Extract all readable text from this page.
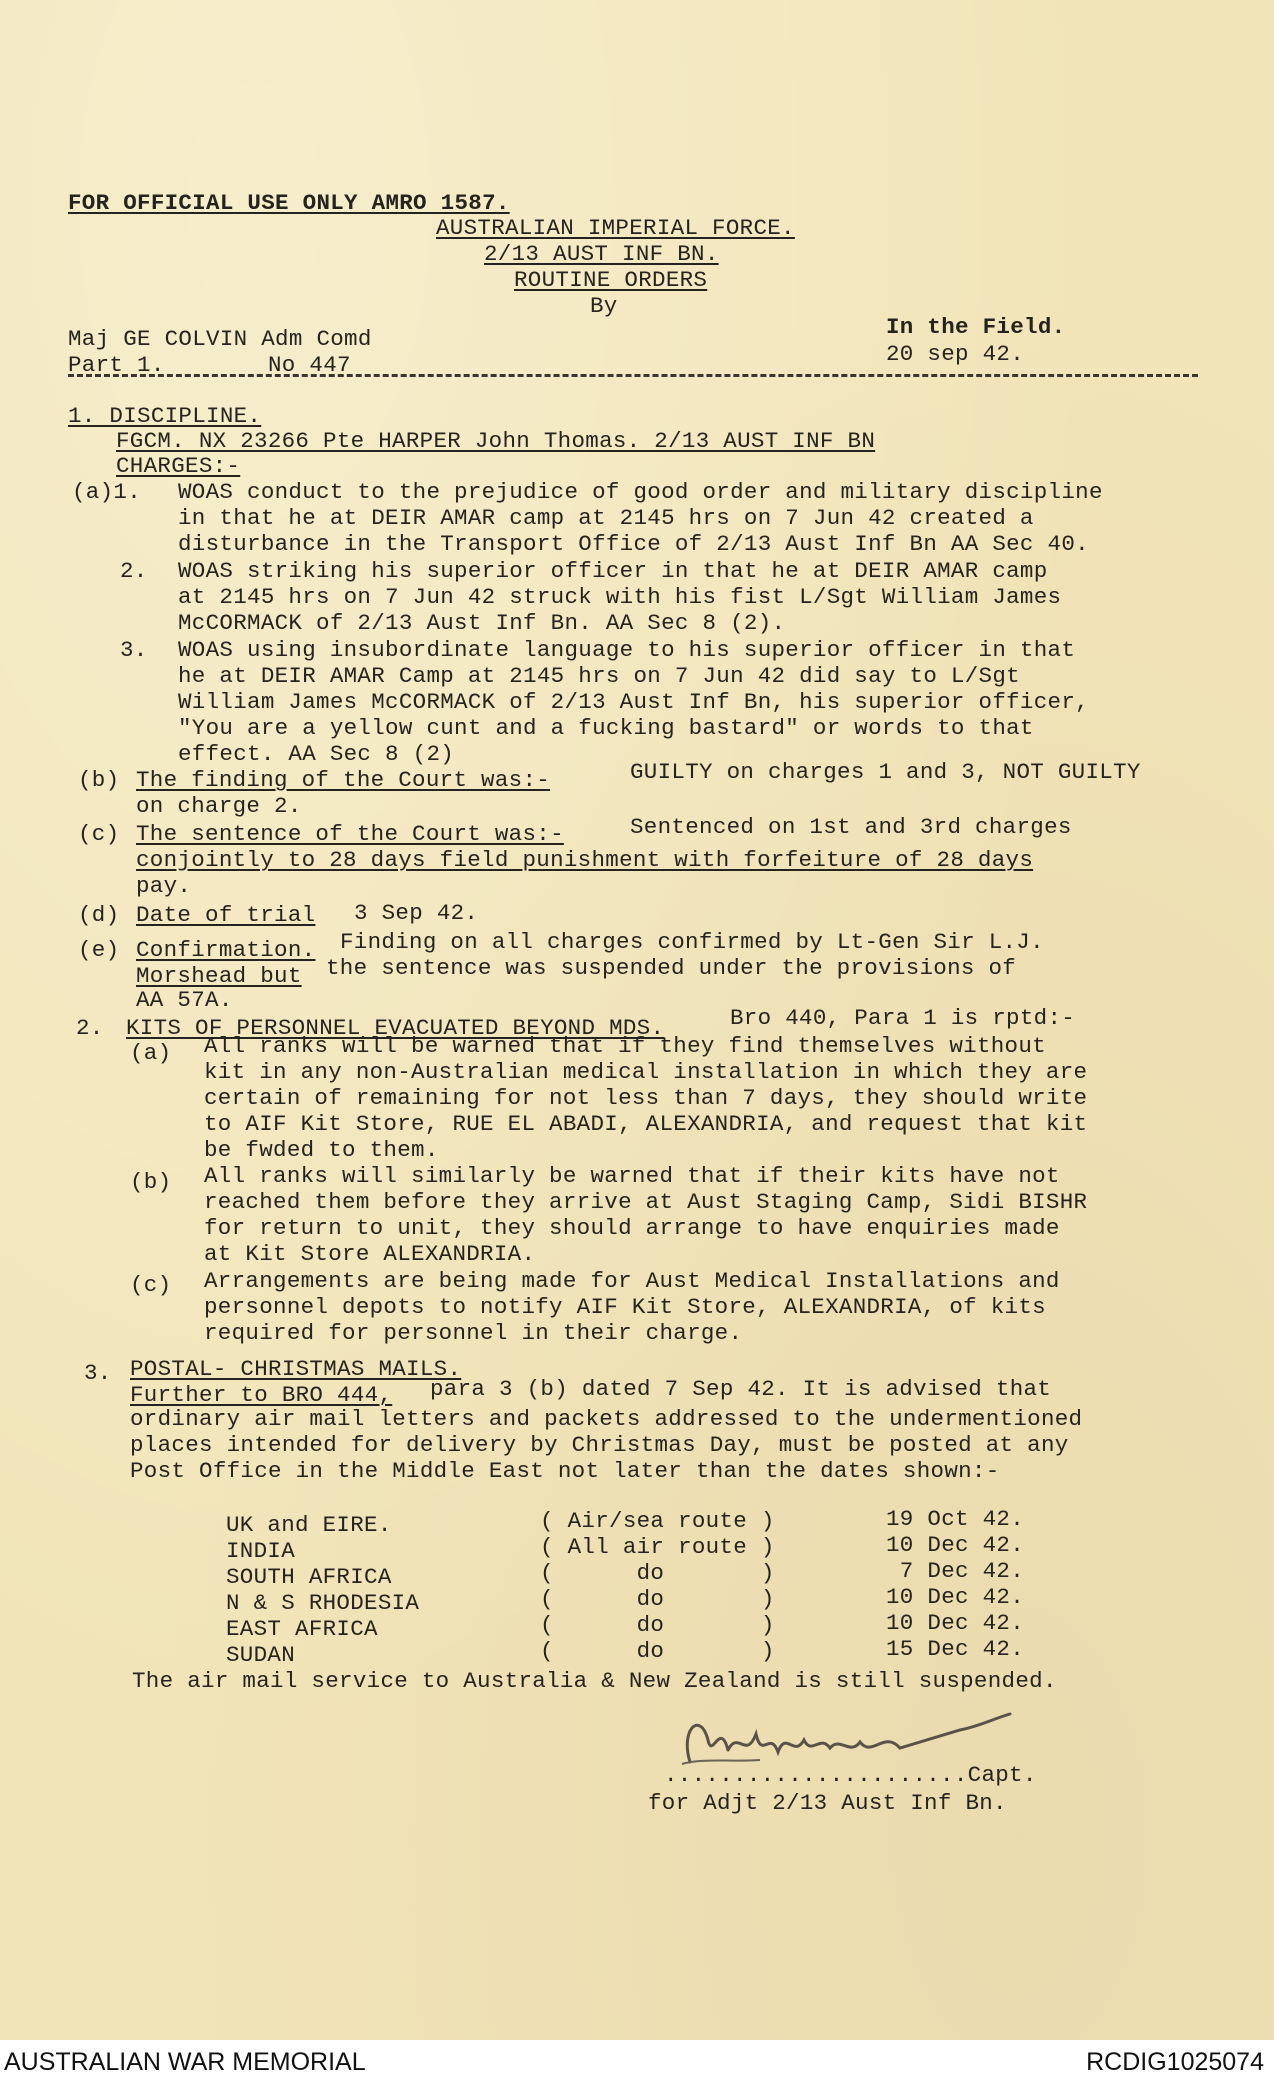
FOR OFFICIAL USE ONLY AMRO 1587.
AUSTRALIAN IMPERIAL FORCE.
2/13 AUST INF BN.
ROUTINE ORDERS
By
Maj GE COLVIN Adm Comd
Part 1.	No 447
In the Field.
20 sep 42.
1. DISCIPLINE.
FGCM. NX 23266 Pte HARPER John Thomas. 2/13 AUST INF BN
CHARGES:-
(a)1. WOAS conduct to the prejudice of good order and military discipline
in that he at DEIR AMAR camp at 2145 hrs on 7 Jun 42 created a
disturbance in the Transport Office of 2/13 Aust Inf Bn AA Sec 40.
2. WOAS striking his superior officer in that he at DEIR AMAR camp
at 2145 hrs on 7 Jun 42 struck with his fist L/Sgt William James
McCORMACK of 2/13 Aust Inf Bn. AA Sec 8 (2).
3. WOAS using insubordinate language to his superior officer in that
he at DEIR AMAR Camp at 2145 hrs on 7 Jun 42 did say to L/Sgt
William James McCORMACK of 2/13 Aust Inf Bn, his superior officer,
"You are a yellow cunt and a fucking bastard" or words to that
effect. AA Sec 8 (2)
(b) The finding of the Court was:-	GUILTY on charges 1 and 3, NOT GUILTY
on charge 2.
(c) The sentence of the Court was:-	Sentenced on 1st and 3rd charges
conjointly to 28 days field punishment with forfeiture of 28 days
pay.
(d) Date of trial 3 Sep 42.
(e) Confirmation. Finding on all charges confirmed by Lt-Gen Sir L.J.
Morshead but the sentence was suspended under the provisions of
AA 57A.
2. KITS OF PERSONNEL EVACUATED BEYOND MDS.	Bro 440, Para 1 is rptd:-
(a) All ranks will be warned that if they find themselves without
kit in any non-Australian medical installation in which they are
certain of remaining for not less than 7 days, they should write
to AIF Kit Store, RUE EL ABADI, ALEXANDRIA, and request that kit
be fwded to them.
(b) All ranks will similarly be warned that if their kits have not
reached them before they arrive at Aust Staging Camp, Sidi BISHR
for return to unit, they should arrange to have enquiries made
at Kit Store ALEXANDRIA.
(c) Arrangements are being made for Aust Medical Installations and
personnel depots to notify AIF Kit Store, ALEXANDRIA, of kits
required for personnel in their charge.
3. POSTAL- CHRISTMAS MAILS.
Further to BRO 444, para 3 (b) dated 7 Sep 42. It is advised that
ordinary air mail letters and packets addressed to the undermentioned
places intended for delivery by Christmas Day, must be posted at any
Post Office in the Middle East not later than the dates shown:-
UK and EIRE.	( Air/sea route )	19 Oct 42.
INDIA	( All air route )	10 Dec 42.
SOUTH AFRICA	(      do       )	7 Dec 42.
N & S RHODESIA	(      do       )	10 Dec 42.
EAST AFRICA	(      do       )	10 Dec 42.
SUDAN	(      do       )	15 Dec 42.
The air mail service to Australia & New Zealand is still suspended.
......................Capt.
for Adjt 2/13 Aust Inf Bn.
AUSTRALIAN WAR MEMORIAL	RCDIG1025074
